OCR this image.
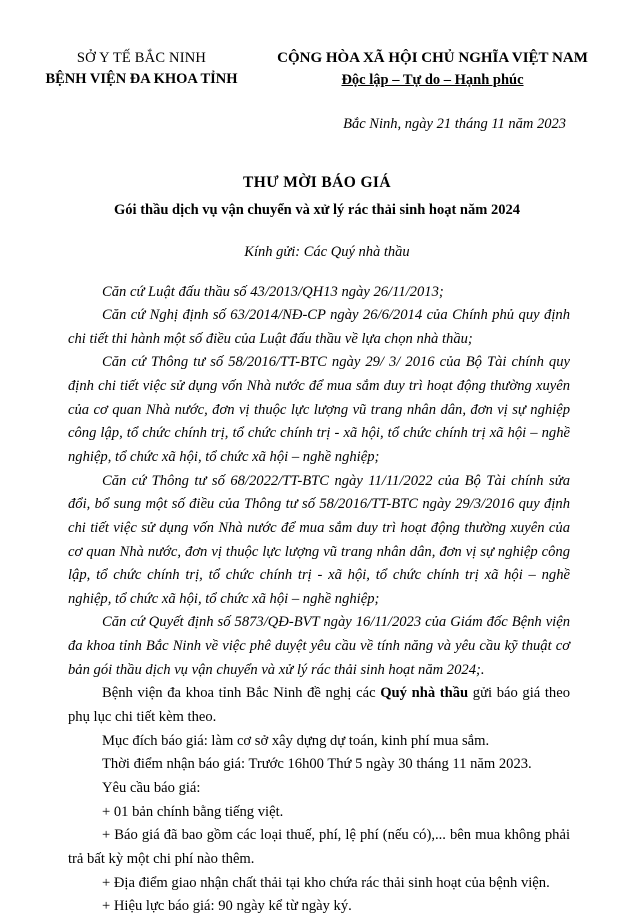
SỞ Y TẾ BẮC NINH
BỆNH VIỆN ĐA KHOA TỈNH
CỘNG HÒA XÃ HỘI CHỦ NGHĨA VIỆT NAM
Độc lập – Tự do – Hạnh phúc
Bắc Ninh, ngày 21 tháng 11 năm 2023
THƯ MỜI BÁO GIÁ
Gói thầu dịch vụ vận chuyển và xử lý rác thải sinh hoạt năm 2024
Kính gửi: Các Quý nhà thầu

Căn cứ Luật đấu thầu số 43/2013/QH13 ngày 26/11/2013;

Căn cứ Nghị định số 63/2014/NĐ-CP ngày 26/6/2014 của Chính phủ quy định chi tiết thi hành một số điều của Luật đấu thầu về lựa chọn nhà thầu;

Căn cứ Thông tư số 58/2016/TT-BTC ngày 29/ 3/ 2016 của Bộ Tài chính quy định chi tiết việc sử dụng vốn Nhà nước để mua sắm duy trì hoạt động thường xuyên của cơ quan Nhà nước, đơn vị thuộc lực lượng vũ trang nhân dân, đơn vị sự nghiệp công lập, tổ chức chính trị, tổ chức chính trị - xã hội, tổ chức chính trị xã hội – nghề nghiệp, tổ chức xã hội, tổ chức xã hội – nghề nghiệp;

Căn cứ Thông tư số 68/2022/TT-BTC ngày 11/11/2022 của Bộ Tài chính sửa đổi, bổ sung một số điều của Thông tư số 58/2016/TT-BTC ngày 29/3/2016 quy định chi tiết việc sử dụng vốn Nhà nước để mua sắm duy trì hoạt động thường xuyên của cơ quan Nhà nước, đơn vị thuộc lực lượng vũ trang nhân dân, đơn vị sự nghiệp công lập, tổ chức chính trị, tổ chức chính trị - xã hội, tổ chức chính trị xã hội – nghề nghiệp, tổ chức xã hội, tổ chức xã hội – nghề nghiệp;

Căn cứ Quyết định số 5873/QĐ-BVT ngày 16/11/2023 của Giám đốc Bệnh viện đa khoa tỉnh Bắc Ninh về việc phê duyệt yêu cầu về tính năng và yêu cầu kỹ thuật cơ bản gói thầu dịch vụ vận chuyển và xử lý rác thải sinh hoạt năm 2024;.

Bệnh viện đa khoa tỉnh Bắc Ninh đề nghị các Quý nhà thầu gửi báo giá theo phụ lục chi tiết kèm theo.

Mục đích báo giá: làm cơ sở xây dựng dự toán, kinh phí mua sắm.

Thời điểm nhận báo giá: Trước 16h00 Thứ 5 ngày 30 tháng 11 năm 2023.

Yêu cầu báo giá:

+ 01 bản chính bằng tiếng việt.

+ Báo giá đã bao gồm các loại thuế, phí, lệ phí (nếu có),... bên mua không phải trả bất kỳ một chi phí nào thêm.

+ Địa điểm giao nhận chất thải tại kho chứa rác thải sinh hoạt của bệnh viện.

+ Hiệu lực báo giá: 90 ngày kể từ ngày ký.
